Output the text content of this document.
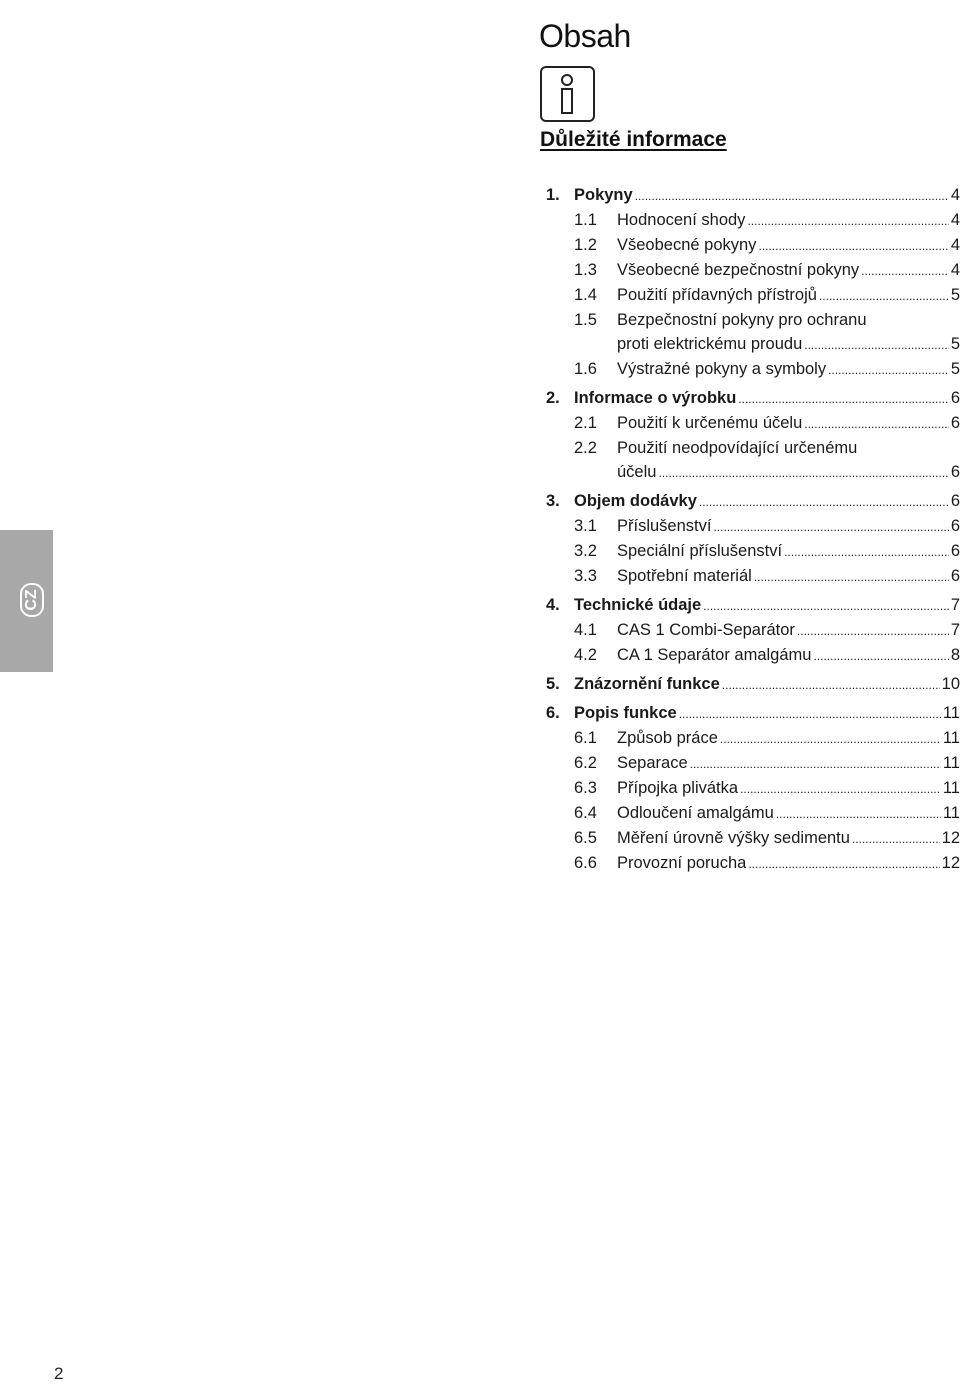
Obsah
Důležité informace
CZ
1. Pokyny .....	4
1.1	Hodnocení shody .....	4
1.2	Všeobecné pokyny .....	4
1.3	Všeobecné bezpečnostní pokyny .....	4
1.4	Použití přídavných přístrojů .....	5
1.5	Bezpečnostní pokyny pro ochranu
proti elektrickému proudu .....	5
1.6	Výstražné pokyny a symboly .....	5
2. Informace o výrobku .....	6
2.1	Použití k určenému účelu .....	6
2.2	Použití neodpovídající určenému
účelu .....	6
3. Objem dodávky .....	6
3.1	Příslušenství .....	6
3.2	Speciální příslušenství .....	6
3.3	Spotřební materiál .....	6
4. Technické údaje .....	7
4.1	CAS 1 Combi-Separátor .....	7
4.2	CA 1 Separátor amalgámu .....	8
5. Znázornění funkce .....	10
6. Popis funkce .....	11
6.1	Způsob práce .....	11
6.2	Separace .....	11
6.3	Přípojka plivátka .....	11
6.4	Odloučení amalgámu .....	11
6.5	Měření úrovně výšky sedimentu .....	12
6.6	Provozní porucha .....	12
2
